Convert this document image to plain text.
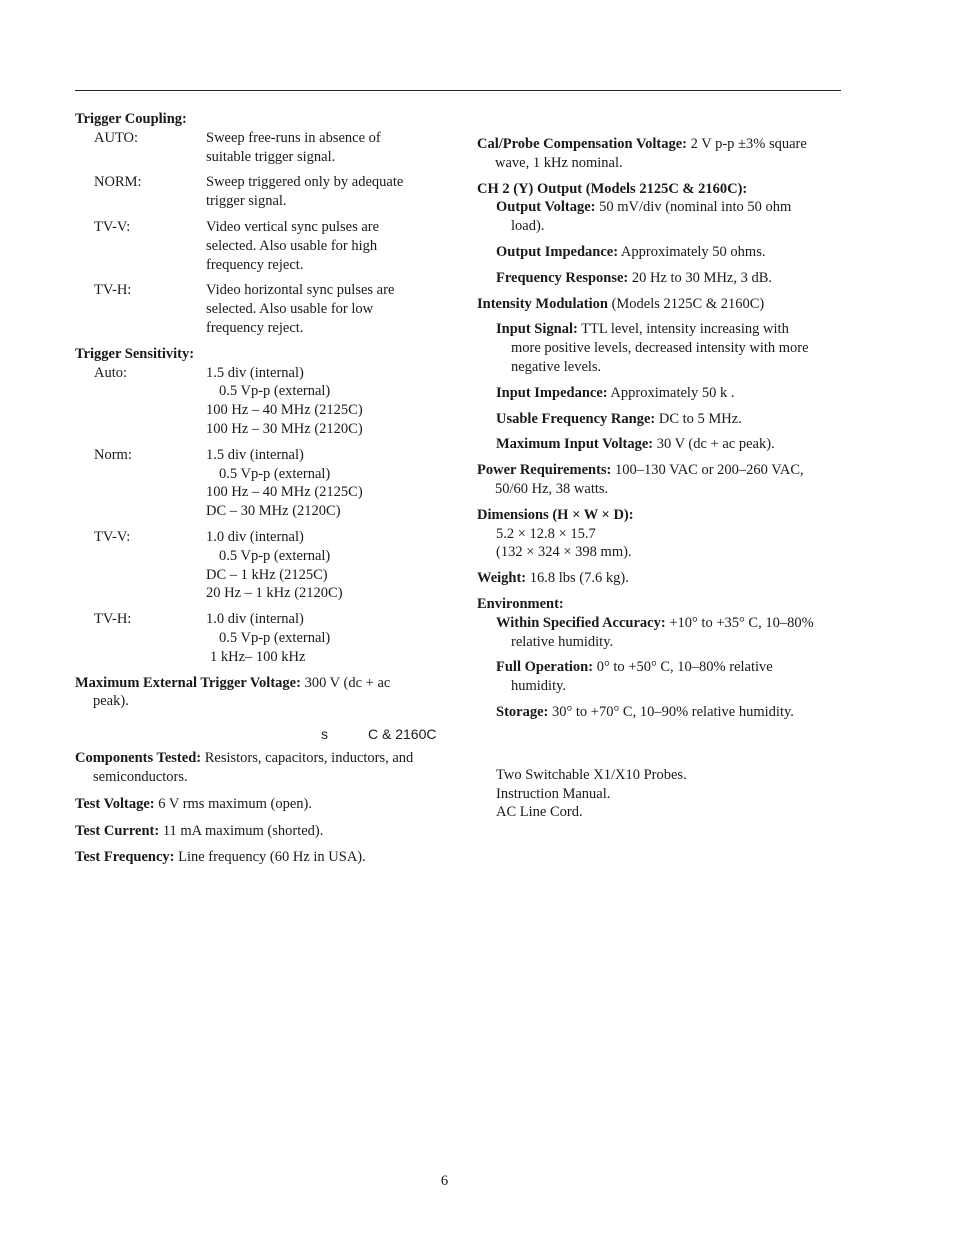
Trigger Coupling:
AUTO:	Sweep free-runs in absence of
suitable trigger signal.
NORM:	Sweep triggered only by adequate
trigger signal.
TV-V:	Video vertical sync pulses are
selected. Also usable for high
frequency reject.
TV-H:	Video horizontal sync pulses are
selected. Also usable for low
frequency reject.
Trigger Sensitivity:
Auto:	1.5 div (internal)
0.5 Vp-p (external)
100 Hz – 40 MHz (2125C)
100 Hz – 30 MHz (2120C)
Norm:	1.5 div (internal)
0.5 Vp-p (external)
100 Hz – 40 MHz (2125C)
DC – 30 MHz (2120C)
TV-V:	1.0 div (internal)
0.5 Vp-p (external)
DC – 1 kHz (2125C)
20 Hz – 1 kHz (2120C)
TV-H:	1.0 div (internal)
0.5 Vp-p (external)
1 kHz– 100 kHz
Maximum External Trigger Voltage: 300 V (dc + ac
peak).
s	C & 2160C
Components Tested: Resistors, capacitors, inductors, and
semiconductors.
Test Voltage: 6 V rms maximum (open).
Test Current: 11 mA maximum (shorted).
Test Frequency: Line frequency (60 Hz in USA).
Cal/Probe Compensation Voltage: 2 V p-p ±3% square
wave, 1 kHz nominal.
CH 2 (Y) Output (Models 2125C & 2160C):
Output Voltage: 50 mV/div (nominal into 50 ohm
load).
Output Impedance: Approximately 50 ohms.
Frequency Response: 20 Hz to 30 MHz, 3 dB.
Intensity Modulation (Models 2125C & 2160C)
Input Signal: TTL level, intensity increasing with
more positive levels, decreased intensity with more
negative levels.
Input Impedance: Approximately 50 k .
Usable Frequency Range: DC to 5 MHz.
Maximum Input Voltage: 30 V (dc + ac peak).
Power Requirements: 100–130 VAC or 200–260 VAC,
50/60 Hz, 38 watts.
Dimensions (H × W × D):
5.2 × 12.8 × 15.7
(132 × 324 × 398 mm).
Weight: 16.8 lbs (7.6 kg).
Environment:
Within Specified Accuracy: +10° to +35° C, 10–80%
relative humidity.
Full Operation: 0° to +50° C, 10–80% relative
humidity.
Storage: 30° to +70° C, 10–90% relative humidity.
Two Switchable X1/X10 Probes.
Instruction Manual.
AC Line Cord.
6
